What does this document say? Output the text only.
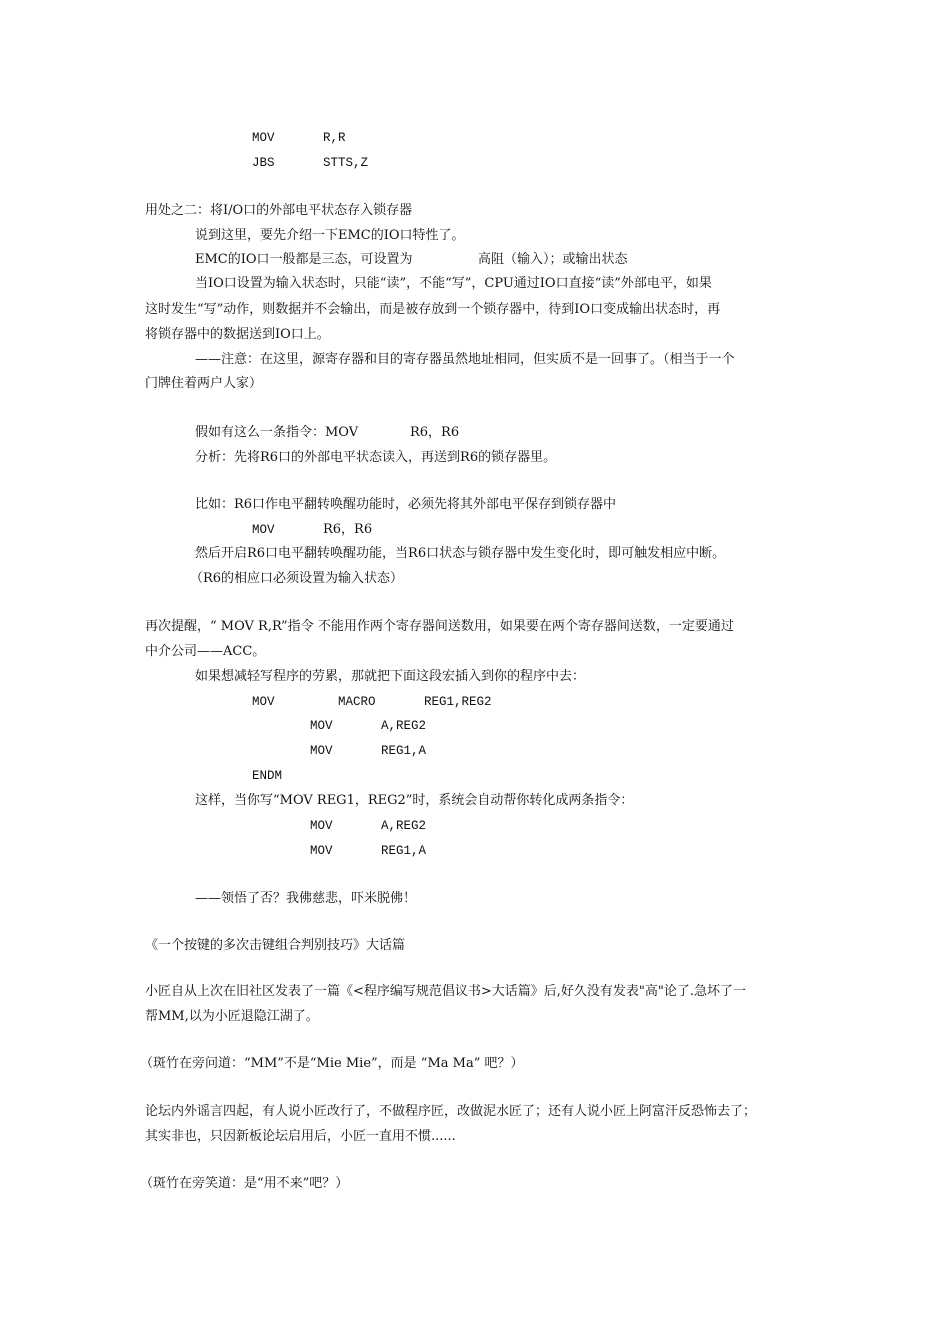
MOV	R,R
JBS	STTS,Z
用处之二：将I/O口的外部电平状态存入锁存器
说到这里，要先介绍一下EMC的IO口特性了。
EMC的IO口一般都是三态，可设置为	高阻（输入）；或输出状态
当IO口设置为输入状态时，只能“读”，不能“写”，CPU通过IO口直接“读”外部电平，如果
这时发生“写”动作，则数据并不会输出，而是被存放到一个锁存器中，待到IO口变成输出状态时，再
将锁存器中的数据送到IO口上。
——注意：在这里，源寄存器和目的寄存器虽然地址相同，但实质不是一回事了。（相当于一个
门牌住着两户人家）
假如有这么一条指令：MOV	R6，R6
分析：先将R6口的外部电平状态读入，再送到R6的锁存器里。
比如：R6口作电平翻转唤醒功能时，必须先将其外部电平保存到锁存器中
MOV	R6，R6
然后开启R6口电平翻转唤醒功能，当R6口状态与锁存器中发生变化时，即可触发相应中断。
（R6的相应口必须设置为输入状态）
再次提醒，“ MOV R,R”指令 不能用作两个寄存器间送数用，如果要在两个寄存器间送数，一定要通过
中介公司——ACC。
如果想减轻写程序的劳累，那就把下面这段宏插入到你的程序中去：
MOV	MACRO	REG1,REG2
MOV	A,REG2
MOV	REG1,A
ENDM
这样，当你写“MOV REG1，REG2”时，系统会自动帮你转化成两条指令：
MOV	A,REG2
MOV	REG1,A
——领悟了否？我佛慈悲，吓米脱佛！
《一个按键的多次击键组合判别技巧》大话篇
小匠自从上次在旧社区发表了一篇《<程序编写规范倡议书>大话篇》后,好久没有发表"高"论了.急坏了一
帮MM,以为小匠退隐江湖了。
（斑竹在旁问道：“MM”不是“Mie Mie”，而是 “Ma Ma” 吧？）
论坛内外谣言四起，有人说小匠改行了，不做程序匠，改做泥水匠了；还有人说小匠上阿富汗反恐怖去了；
其实非也，只因新板论坛启用后，小匠一直用不惯......
（斑竹在旁笑道：是“用不来”吧？）
